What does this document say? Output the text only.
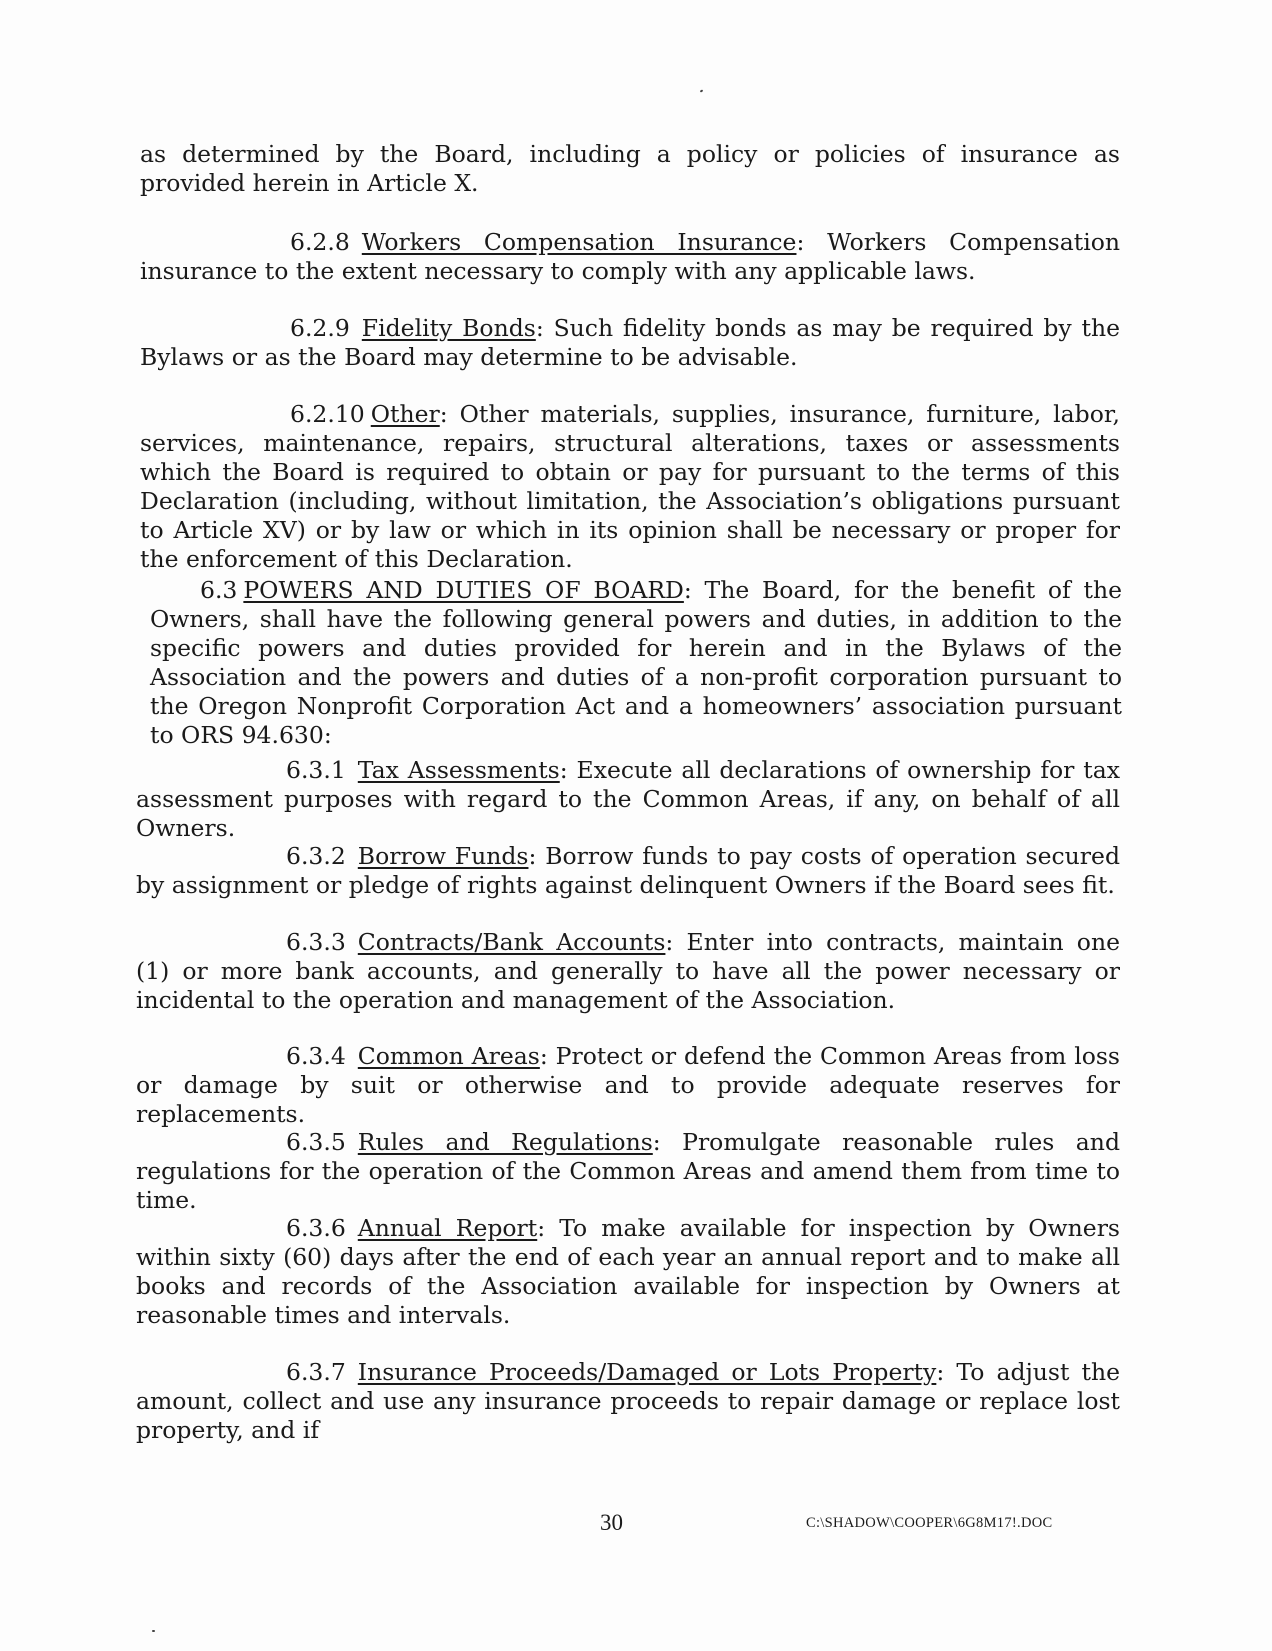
as determined by the Board, including a policy or policies of insurance as provided herein in Article X.

6.2.8 Workers Compensation Insurance: Workers Compensation insurance to the extent necessary to comply with any applicable laws.

6.2.9 Fidelity Bonds: Such fidelity bonds as may be required by the Bylaws or as the Board may determine to be advisable.

6.2.10 Other: Other materials, supplies, insurance, furniture, labor, services, maintenance, repairs, structural alterations, taxes or assessments which the Board is required to obtain or pay for pursuant to the terms of this Declaration (including, without limitation, the Association’s obligations pursuant to Article XV) or by law or which in its opinion shall be necessary or proper for the enforcement of this Declaration.

6.3 POWERS AND DUTIES OF BOARD: The Board, for the benefit of the Owners, shall have the following general powers and duties, in addition to the specific powers and duties provided for herein and in the Bylaws of the Association and the powers and duties of a non-profit corporation pursuant to the Oregon Nonprofit Corporation Act and a homeowners’ association pursuant to ORS 94.630:

6.3.1 Tax Assessments: Execute all declarations of ownership for tax assessment purposes with regard to the Common Areas, if any, on behalf of all Owners.

6.3.2 Borrow Funds: Borrow funds to pay costs of operation secured by assignment or pledge of rights against delinquent Owners if the Board sees fit.

6.3.3 Contracts/Bank Accounts: Enter into contracts, maintain one (1) or more bank accounts, and generally to have all the power necessary or incidental to the operation and management of the Association.

6.3.4 Common Areas: Protect or defend the Common Areas from loss or damage by suit or otherwise and to provide adequate reserves for replacements.

6.3.5 Rules and Regulations: Promulgate reasonable rules and regulations for the operation of the Common Areas and amend them from time to time.

6.3.6 Annual Report: To make available for inspection by Owners within sixty (60) days after the end of each year an annual report and to make all books and records of the Association available for inspection by Owners at reasonable times and intervals.

6.3.7 Insurance Proceeds/Damaged or Lots Property: To adjust the amount, collect and use any insurance proceeds to repair damage or replace lost property, and if

30	C:\SHADOW\COOPER\6G8M17!.DOC
